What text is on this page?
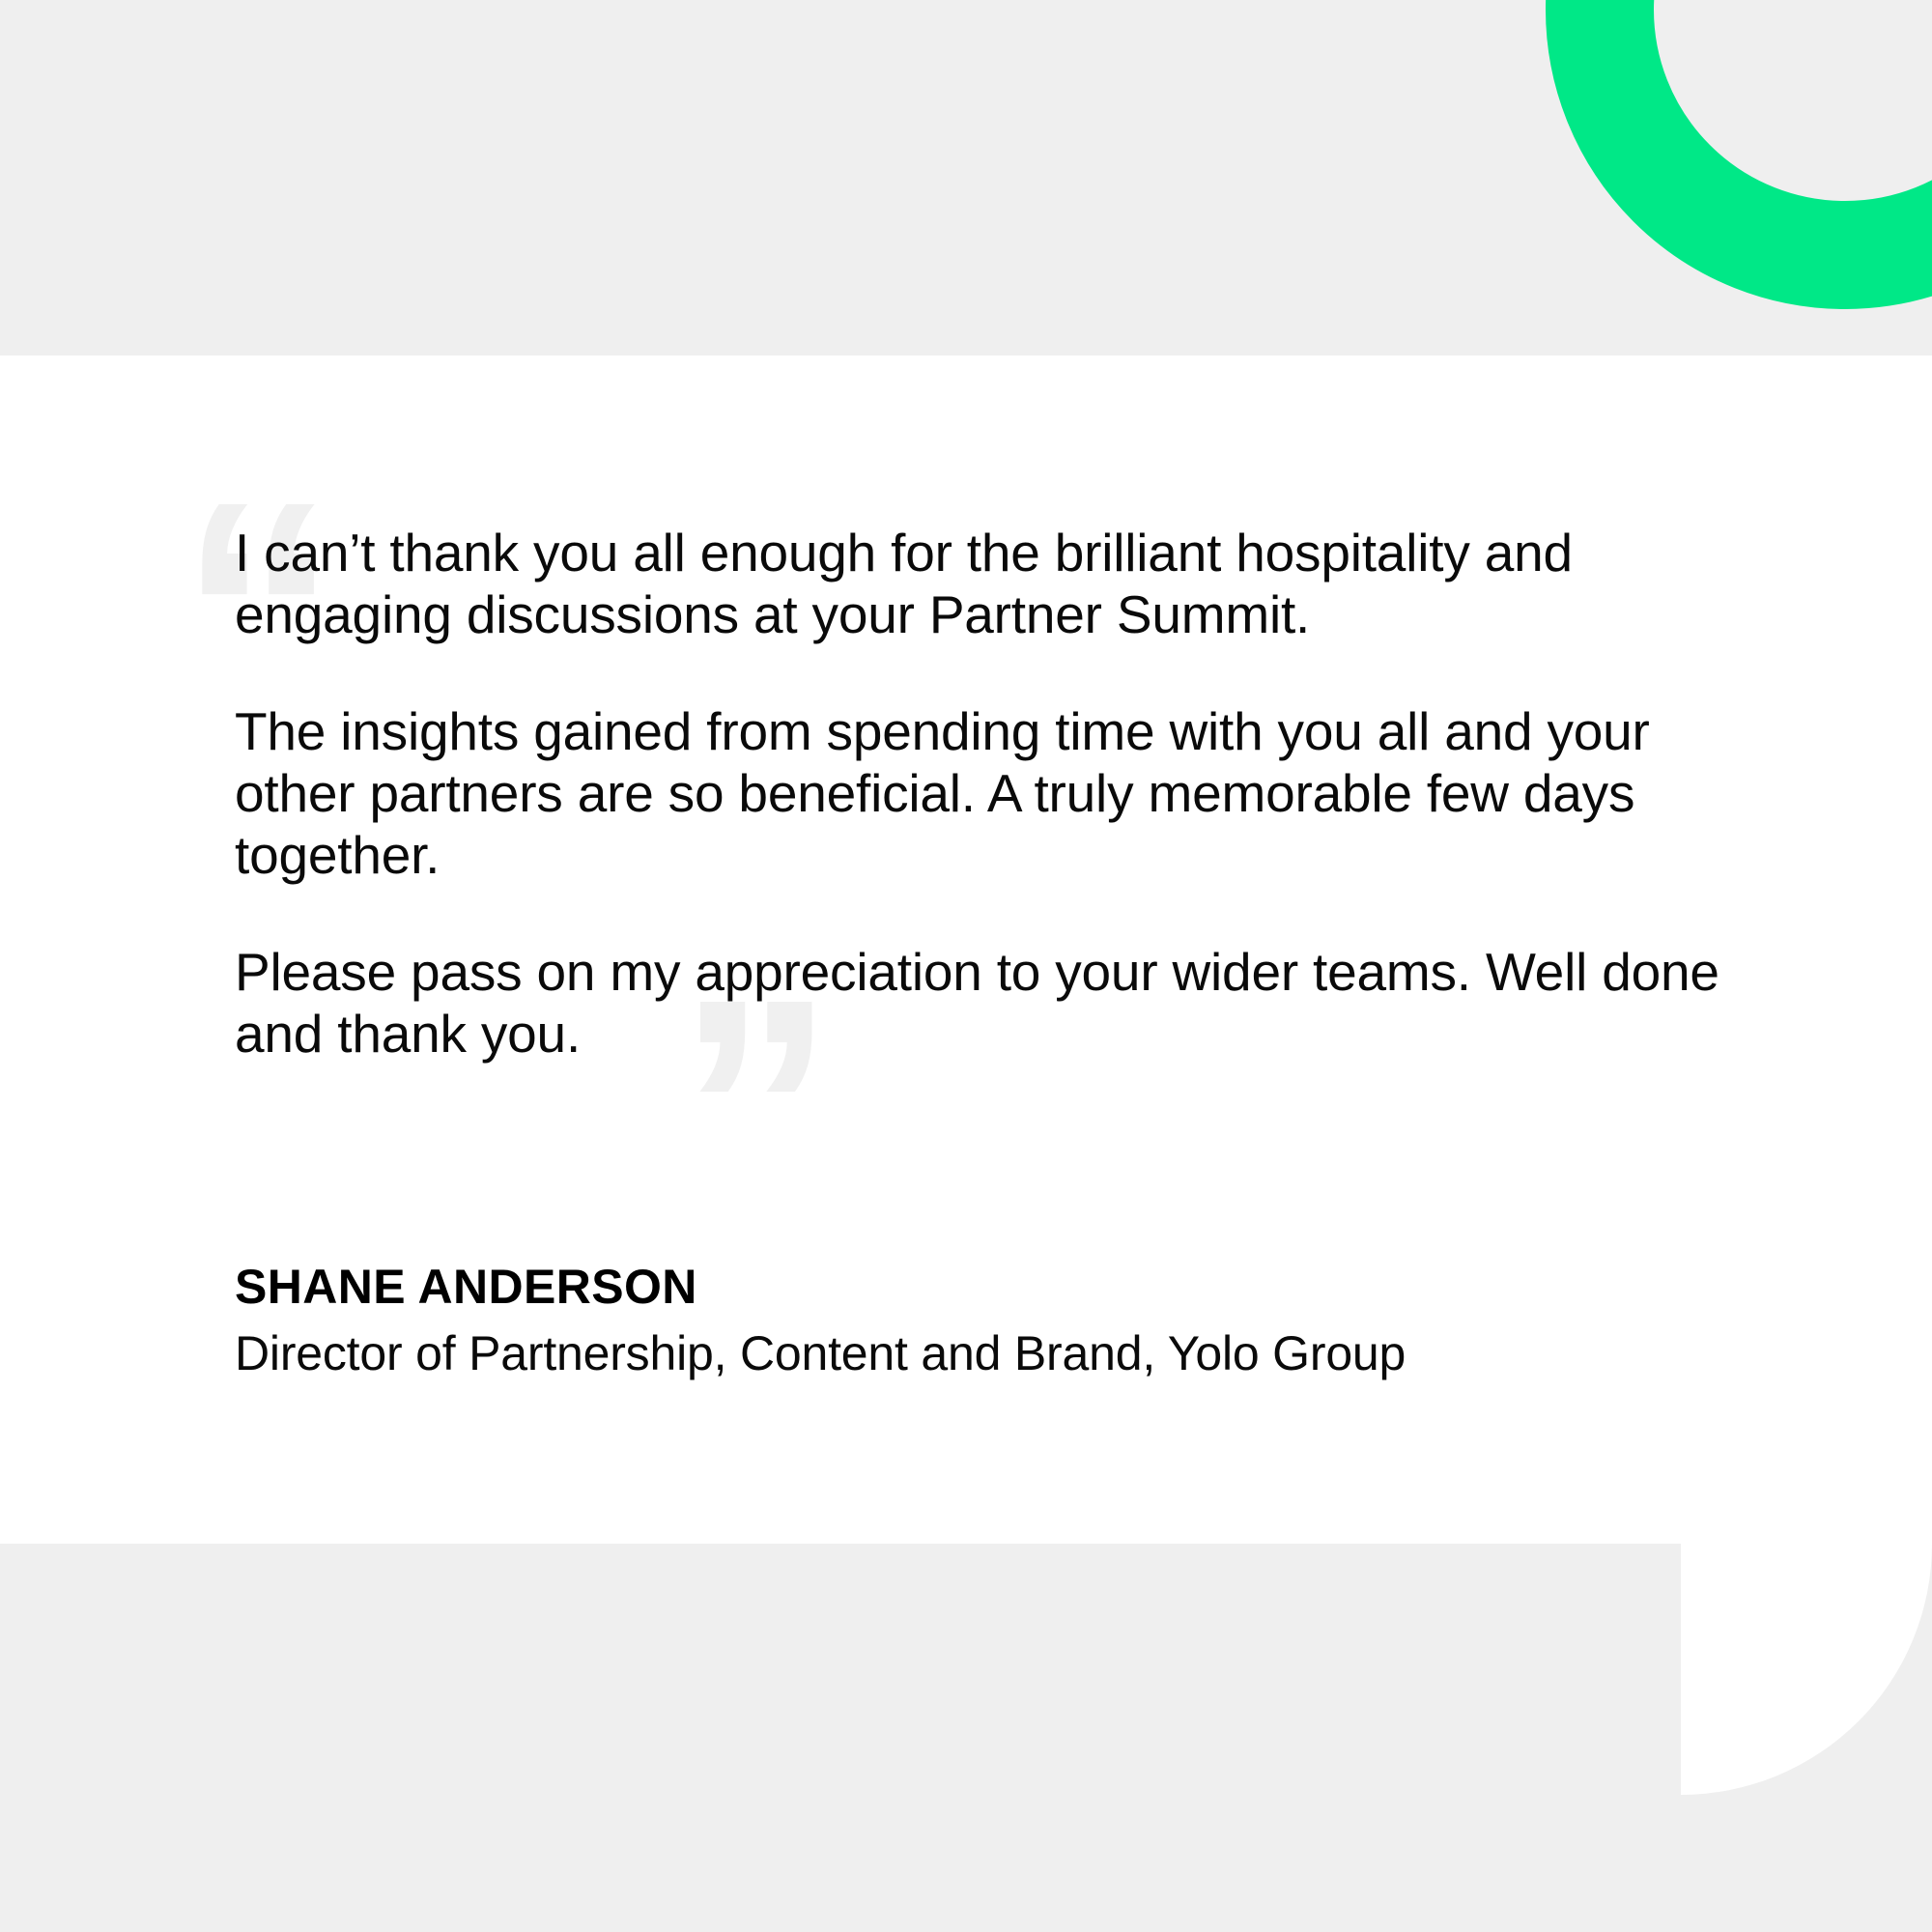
“
”

I can’t thank you all enough for the brilliant hospitality and engaging discussions at your Partner Summit.

The insights gained from spending time with you all and your other partners are so beneficial. A truly memorable few days together.

Please pass on my appreciation to your wider teams. Well done and thank you.

SHANE ANDERSON
Director of Partnership, Content and Brand, Yolo Group
